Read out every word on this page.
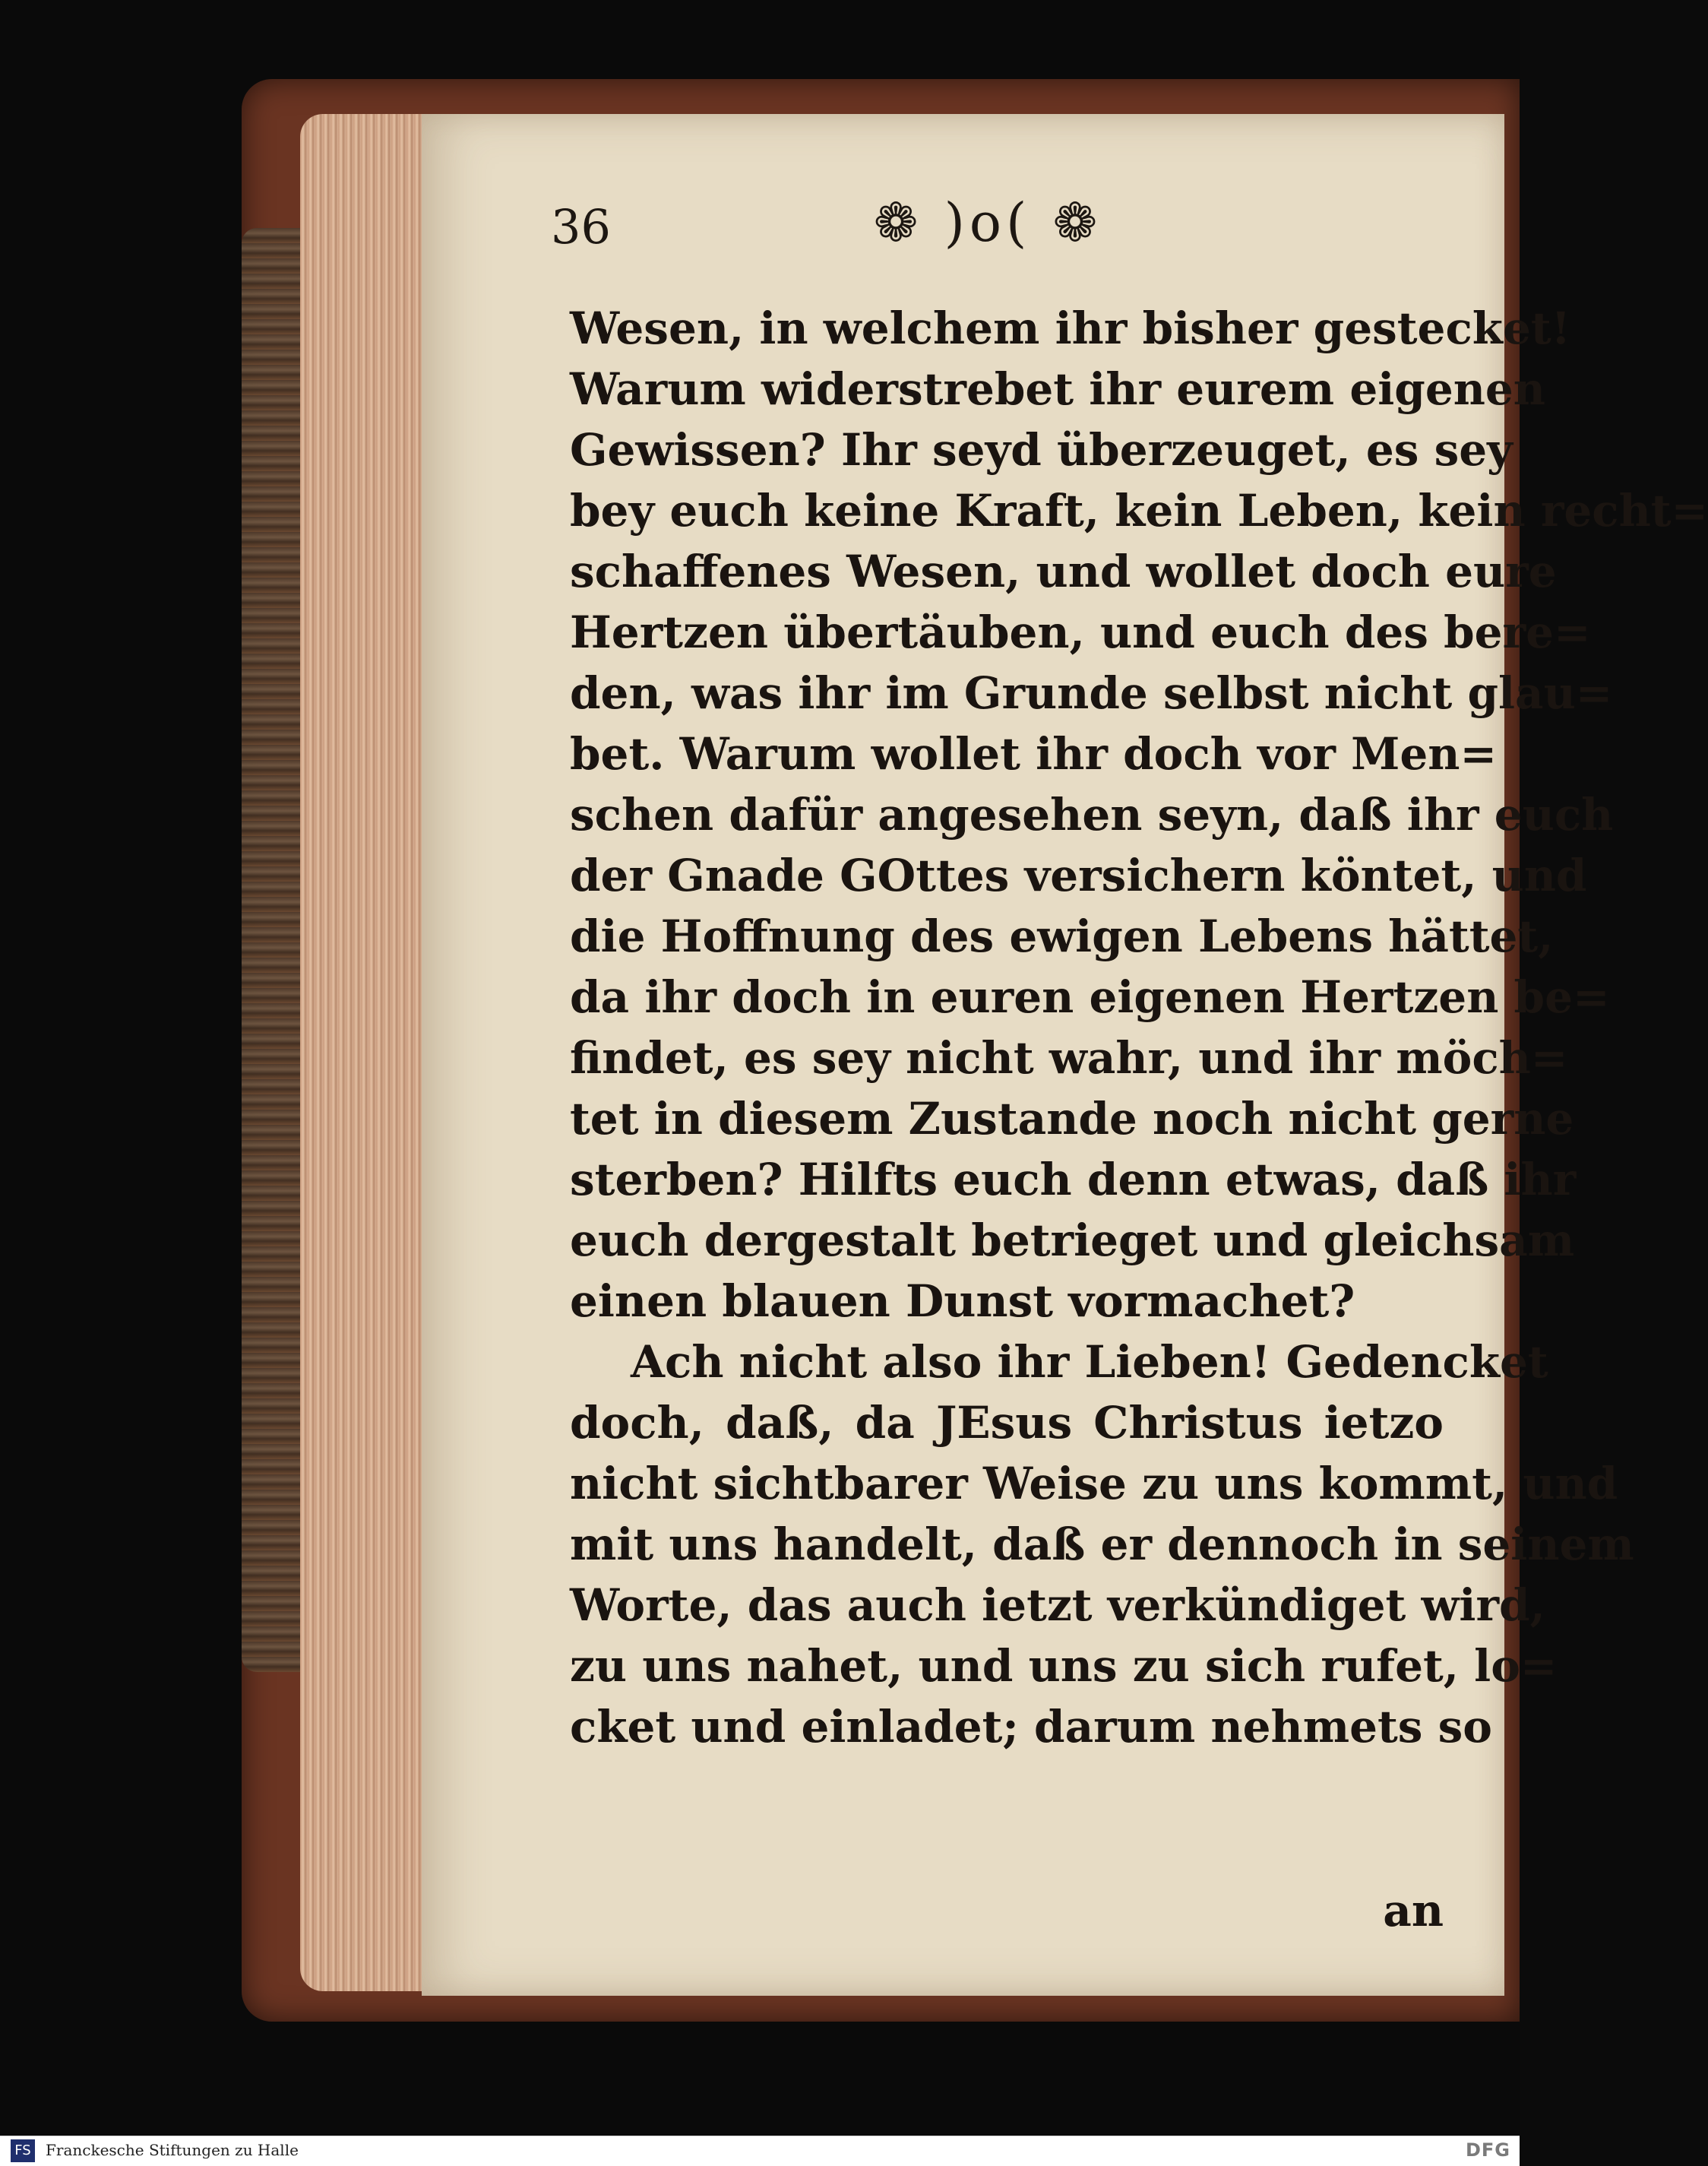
36	❁ )o( ❁
Wesen, in welchem ihr bisher gestecket!
Warum widerstrebet ihr eurem eigenen
Gewissen? Ihr seyd überzeuget, es sey
bey euch keine Kraft, kein Leben, kein recht=
schaffenes Wesen, und wollet doch eure
Hertzen übertäuben, und euch des bere=
den, was ihr im Grunde selbst nicht glau=
bet. Warum wollet ihr doch vor Men=
schen dafür angesehen seyn, daß ihr euch
der Gnade GOttes versichern köntet, und
die Hoffnung des ewigen Lebens hättet,
da ihr doch in euren eigenen Hertzen be=
findet, es sey nicht wahr, und ihr möch=
tet in diesem Zustande noch nicht gerne
sterben? Hilfts euch denn etwas, daß ihr
euch dergestalt betrieget und gleichsam
einen blauen Dunst vormachet?
Ach nicht also ihr Lieben! Gedencket
doch, daß, da JEsus Christus ietzo
nicht sichtbarer Weise zu uns kommt, und
mit uns handelt, daß er dennoch in seinem
Worte, das auch ietzt verkündiget wird,
zu uns nahet, und uns zu sich rufet, lo=
cket und einladet; darum nehmets so
an
FS Franckesche Stiftungen zu Halle	DFG
